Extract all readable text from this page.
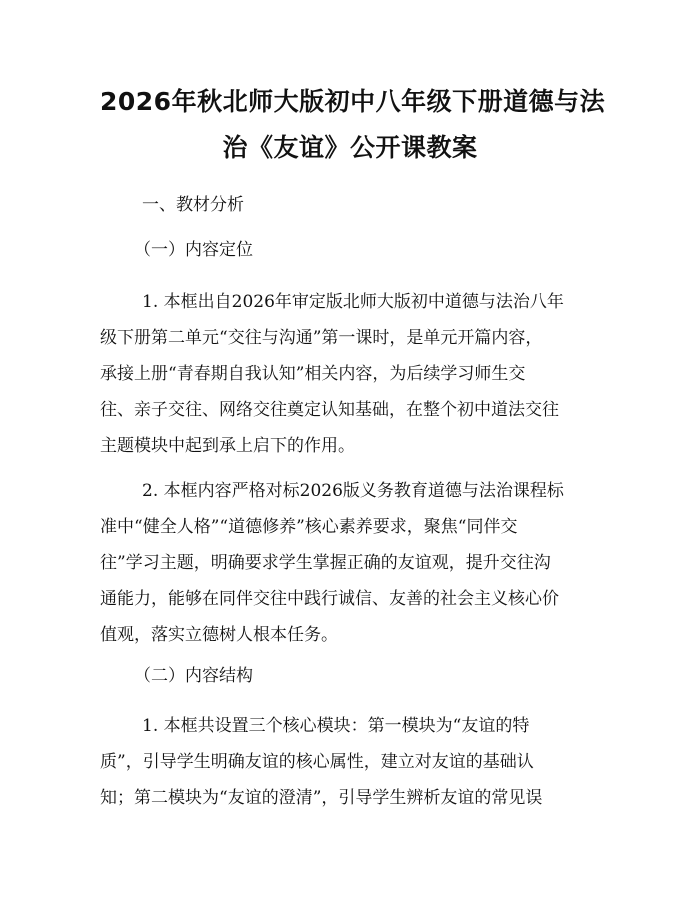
2026年秋北师大版初中八年级下册道德与法
治《友谊》公开课教案
一、教材分析
（一）内容定位
1. 本框出自2026年审定版北师大版初中道德与法治八年
级下册第二单元“交往与沟通”第一课时，是单元开篇内容，
承接上册“青春期自我认知”相关内容，为后续学习师生交
往、亲子交往、网络交往奠定认知基础，在整个初中道法交往
主题模块中起到承上启下的作用。
2. 本框内容严格对标2026版义务教育道德与法治课程标
准中“健全人格”“道德修养”核心素养要求，聚焦“同伴交
往”学习主题，明确要求学生掌握正确的友谊观，提升交往沟
通能力，能够在同伴交往中践行诚信、友善的社会主义核心价
值观，落实立德树人根本任务。
（二）内容结构
1. 本框共设置三个核心模块：第一模块为“友谊的特
质”，引导学生明确友谊的核心属性，建立对友谊的基础认
知；第二模块为“友谊的澄清”，引导学生辨析友谊的常见误
